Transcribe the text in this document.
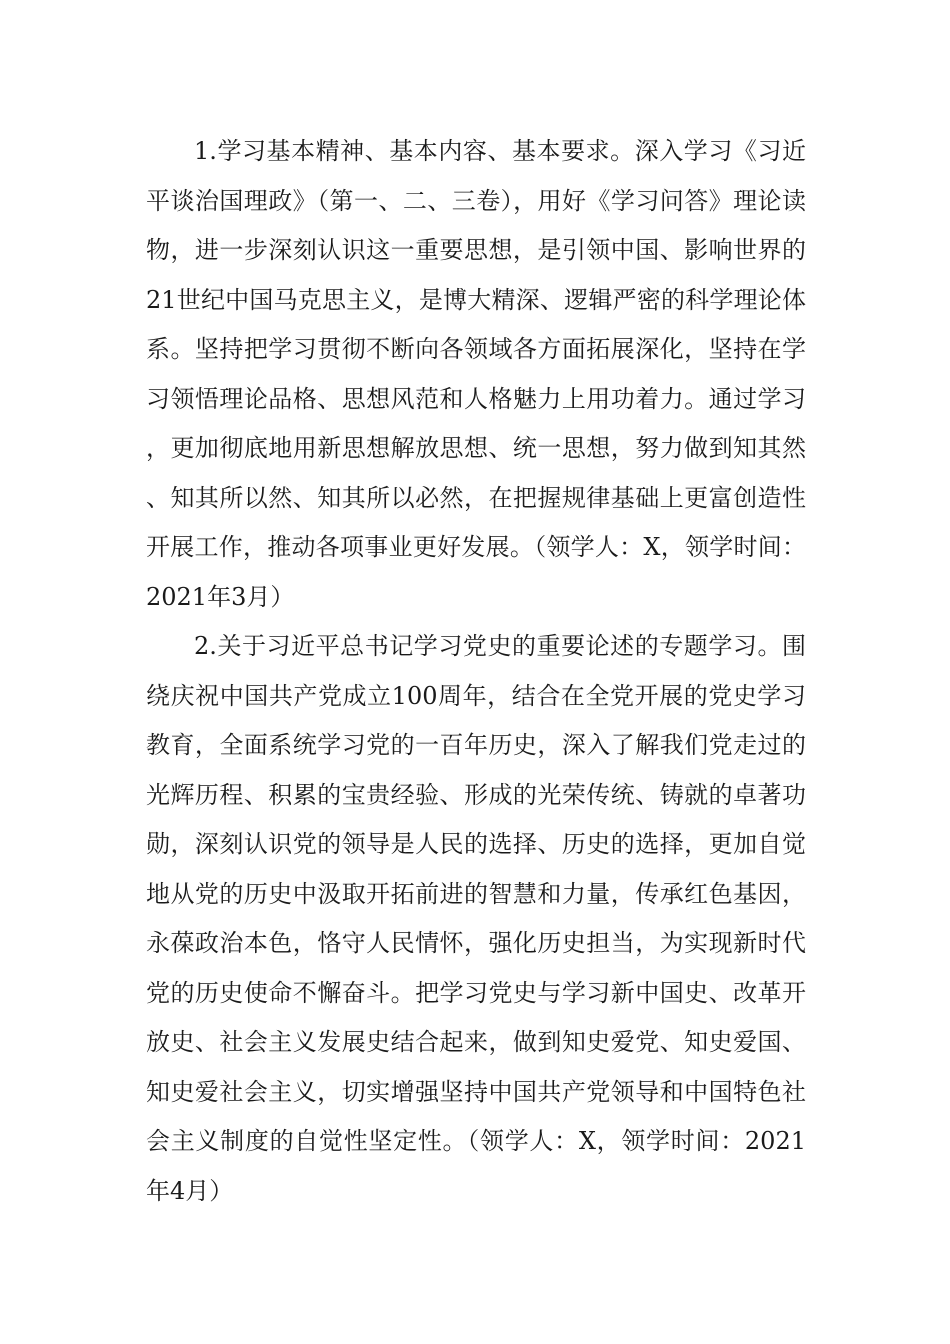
1.学习基本精神、基本内容、基本要求。深入学习《习近平谈治国理政》（第一、二、三卷），用好《学习问答》理论读物，进一步深刻认识这一重要思想，是引领中国、影响世界的21世纪中国马克思主义，是博大精深、逻辑严密的科学理论体系。坚持把学习贯彻不断向各领域各方面拓展深化，坚持在学习领悟理论品格、思想风范和人格魅力上用功着力。通过学习，更加彻底地用新思想解放思想、统一思想，努力做到知其然、知其所以然、知其所以必然，在把握规律基础上更富创造性开展工作，推动各项事业更好发展。（领学人：X，领学时间：2021年3月）

2.关于习近平总书记学习党史的重要论述的专题学习。围绕庆祝中国共产党成立100周年，结合在全党开展的党史学习教育，全面系统学习党的一百年历史，深入了解我们党走过的光辉历程、积累的宝贵经验、形成的光荣传统、铸就的卓著功勋，深刻认识党的领导是人民的选择、历史的选择，更加自觉地从党的历史中汲取开拓前进的智慧和力量，传承红色基因，永葆政治本色，恪守人民情怀，强化历史担当，为实现新时代党的历史使命不懈奋斗。把学习党史与学习新中国史、改革开放史、社会主义发展史结合起来，做到知史爱党、知史爱国、知史爱社会主义，切实增强坚持中国共产党领导和中国特色社会主义制度的自觉性坚定性。（领学人：X，领学时间：2021年4月）
